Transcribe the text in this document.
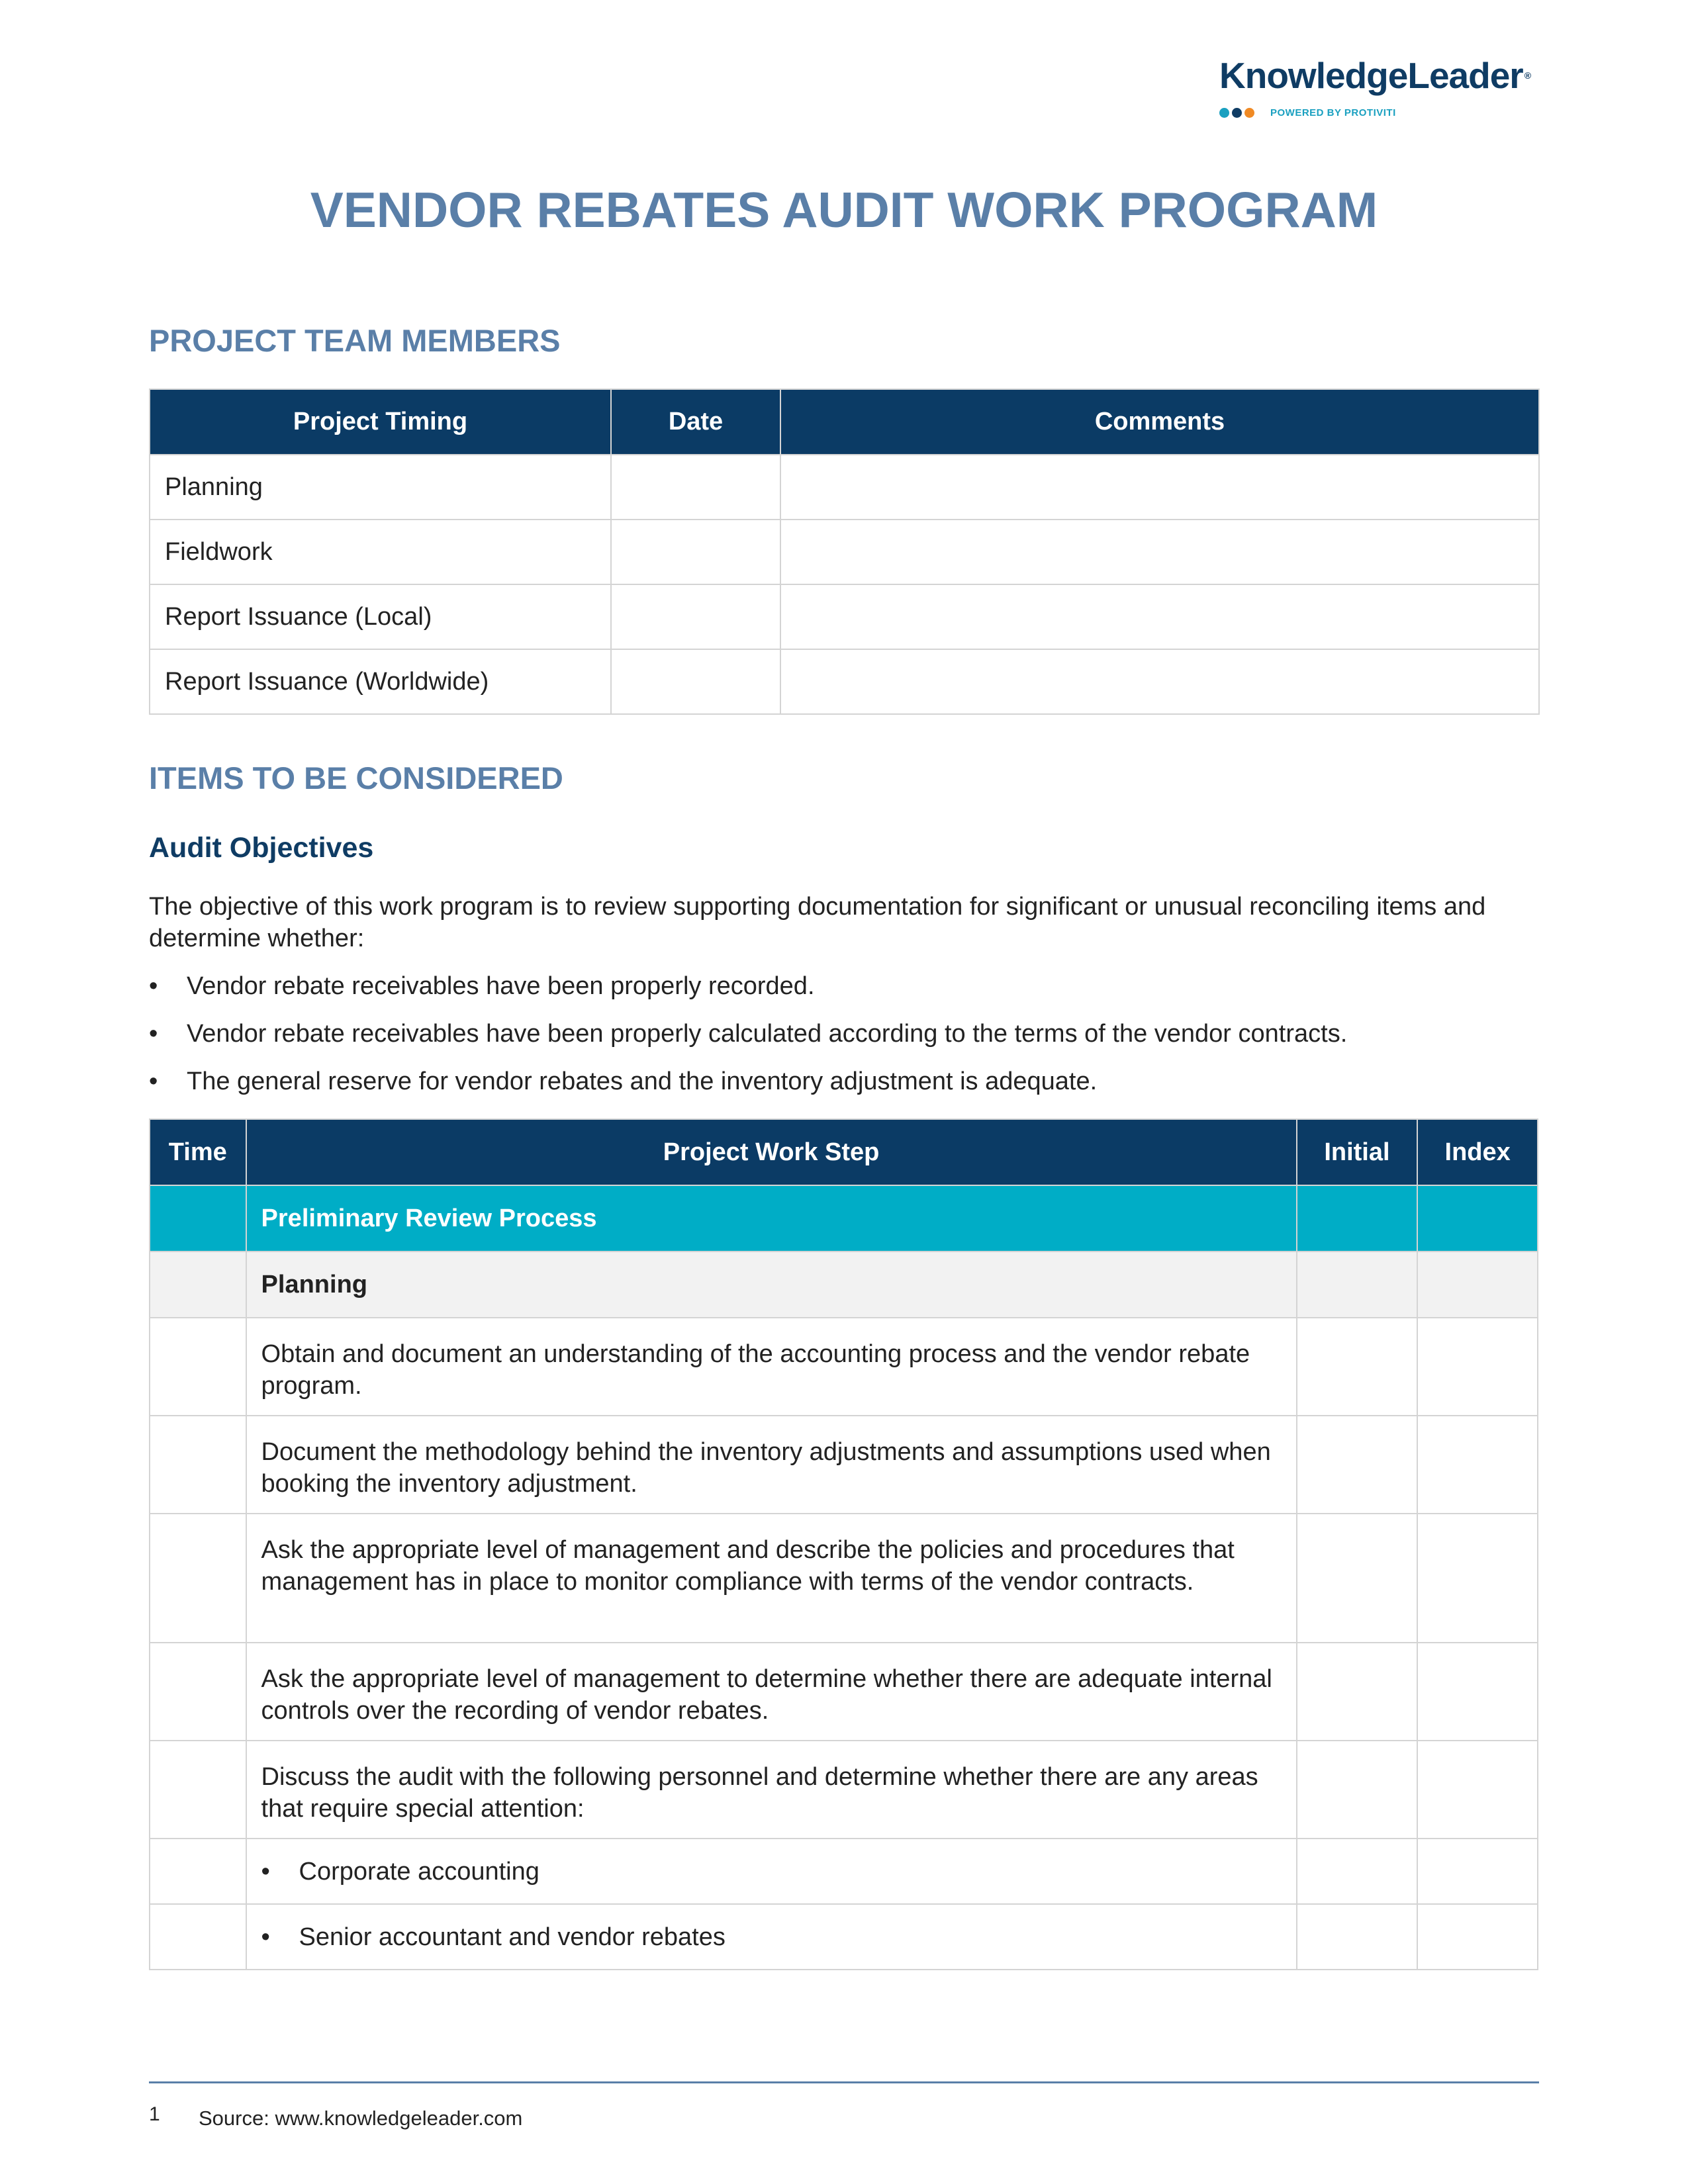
KnowledgeLeader ®
POWERED BY PROTIVITI
VENDOR REBATES AUDIT WORK PROGRAM
PROJECT TEAM MEMBERS
Project Timing	Date	Comments
Planning		
Fieldwork		
Report Issuance (Local)		
Report Issuance (Worldwide)		
ITEMS TO BE CONSIDERED
Audit Objectives
The objective of this work program is to review supporting documentation for significant or unusual reconciling items and determine whether:
• Vendor rebate receivables have been properly recorded.
• Vendor rebate receivables have been properly calculated according to the terms of the vendor contracts.
• The general reserve for vendor rebates and the inventory adjustment is adequate.
Time	Project Work Step	Initial	Index
	Preliminary Review Process		
	Planning		
	Obtain and document an understanding of the accounting process and the vendor rebate program.		
	Document the methodology behind the inventory adjustments and assumptions used when booking the inventory adjustment.		
	Ask the appropriate level of management and describe the policies and procedures that management has in place to monitor compliance with terms of the vendor contracts.		
	Ask the appropriate level of management to determine whether there are adequate internal controls over the recording of vendor rebates.		
	Discuss the audit with the following personnel and determine whether there are any areas that require special attention:		
	• Corporate accounting		
	• Senior accountant and vendor rebates		
1 Source: www.knowledgeleader.com
